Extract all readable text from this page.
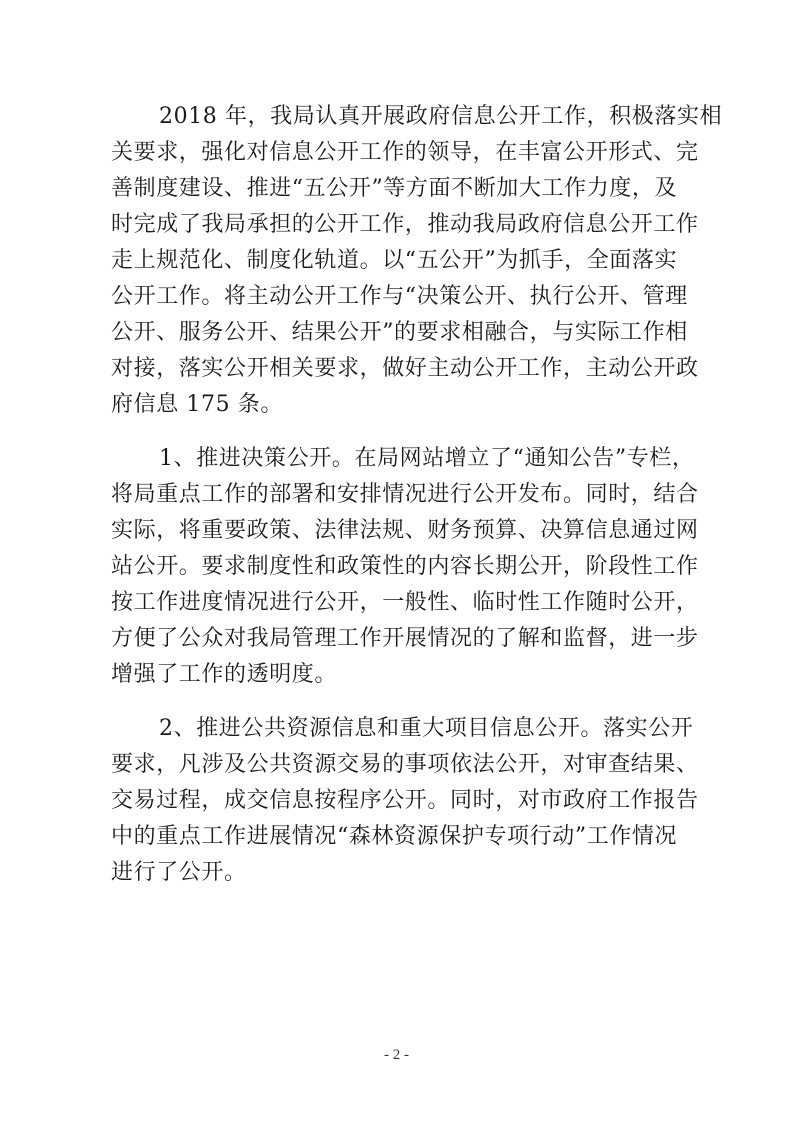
2018 年，我局认真开展政府信息公开工作，积极落实相
关要求，强化对信息公开工作的领导，在丰富公开形式、完
善制度建设、推进“五公开”等方面不断加大工作力度，及
时完成了我局承担的公开工作，推动我局政府信息公开工作
走上规范化、制度化轨道。以“五公开”为抓手，全面落实
公开工作。将主动公开工作与“决策公开、执行公开、管理
公开、服务公开、结果公开”的要求相融合，与实际工作相
对接，落实公开相关要求，做好主动公开工作，主动公开政
府信息 175 条。
1、推进决策公开。在局网站增立了“通知公告”专栏，
将局重点工作的部署和安排情况进行公开发布。同时，结合
实际，将重要政策、法律法规、财务预算、决算信息通过网
站公开。要求制度性和政策性的内容长期公开，阶段性工作
按工作进度情况进行公开，一般性、临时性工作随时公开，
方便了公众对我局管理工作开展情况的了解和监督，进一步
增强了工作的透明度。
2、推进公共资源信息和重大项目信息公开。落实公开
要求，凡涉及公共资源交易的事项依法公开，对审查结果、
交易过程，成交信息按程序公开。同时，对市政府工作报告
中的重点工作进展情况“森林资源保护专项行动”工作情况
进行了公开。
- 2 -
